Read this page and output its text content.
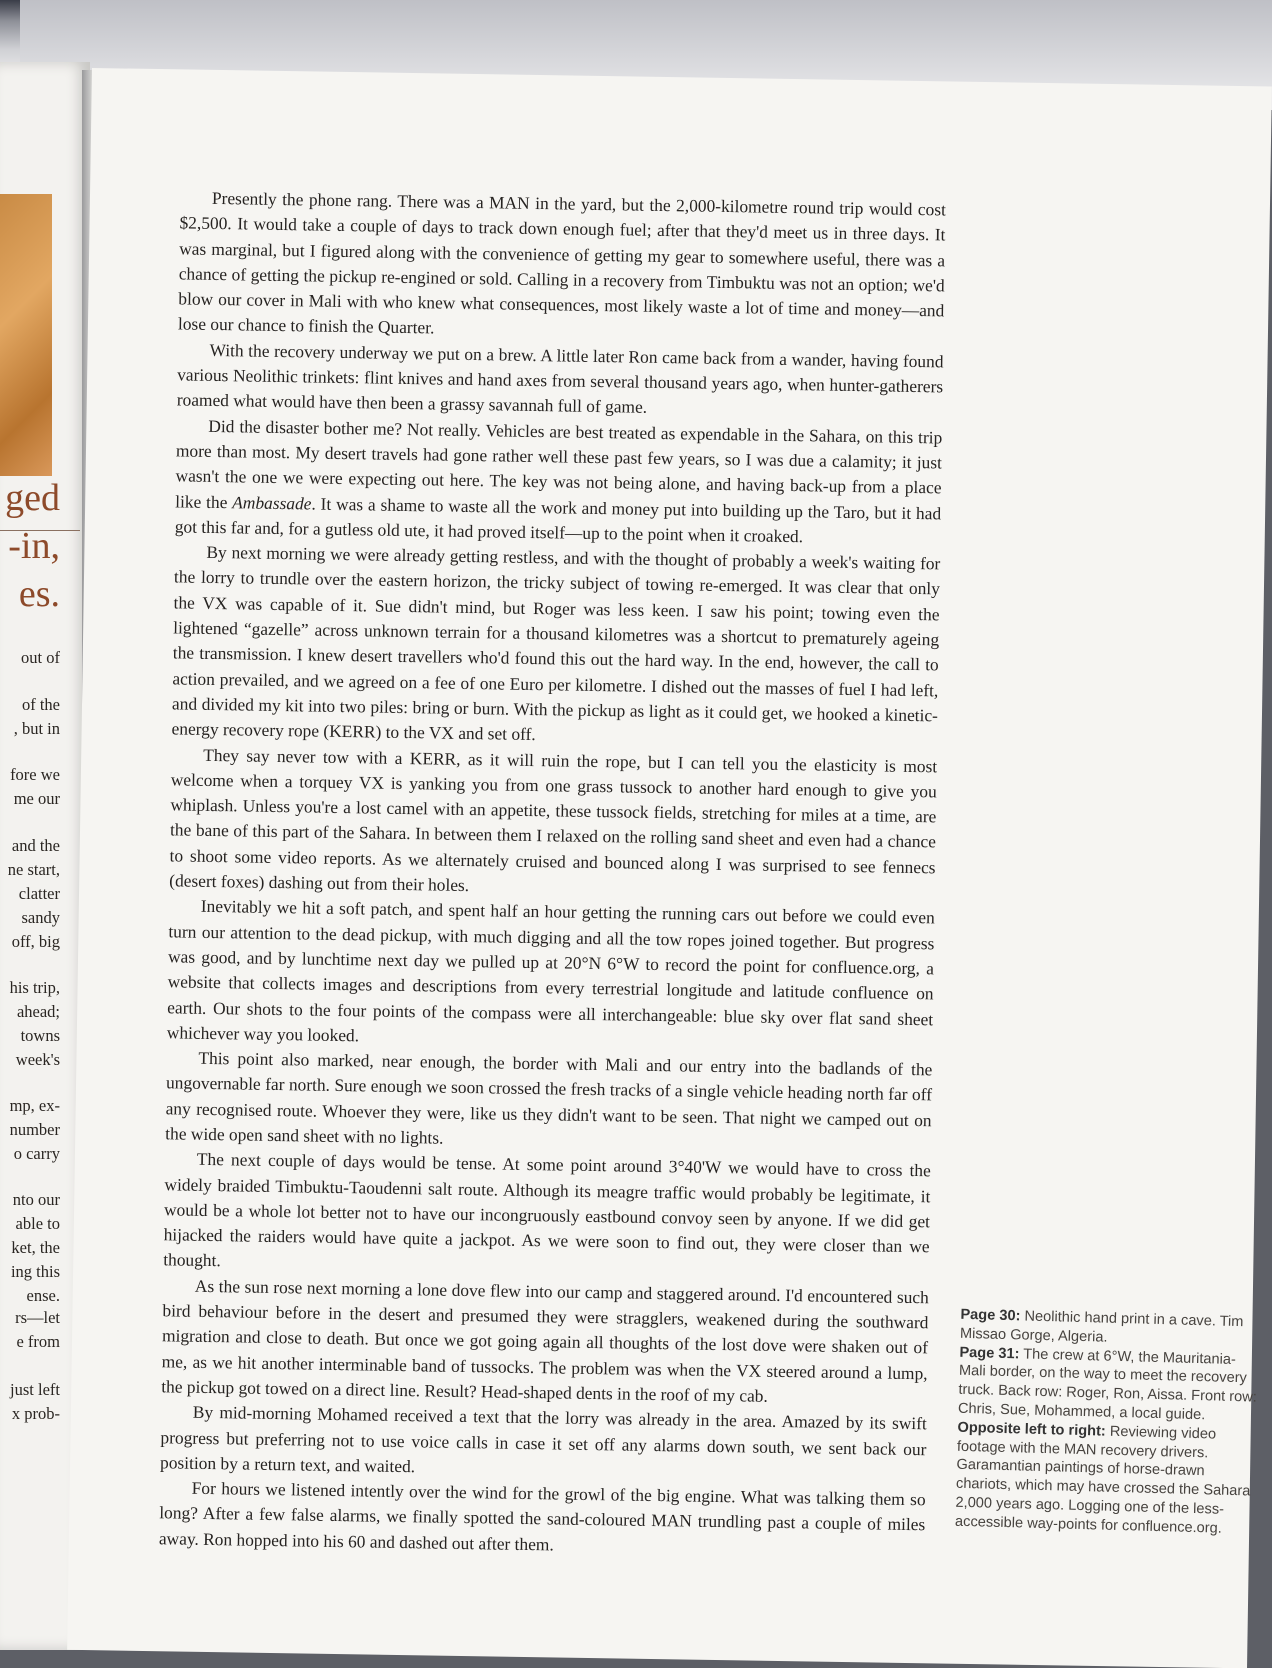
ged
-in,
es.
out of
of the
, but in
fore we
me our
and the
ne start,
clatter
sandy
off, big
his trip,
ahead;
towns
week's
mp, ex-
number
o carry
nto our
able to
ket, the
ing this
ense.
rs—let
e from
just left
x prob-

Presently the phone rang. There was a MAN in the yard, but the 2,000-kilometre round trip would cost $2,500. It would take a couple of days to track down enough fuel; after that they'd meet us in three days. It was marginal, but I figured along with the convenience of getting my gear to somewhere useful, there was a chance of getting the pickup re-engined or sold. Calling in a recovery from Timbuktu was not an option; we'd blow our cover in Mali with who knew what consequences, most likely waste a lot of time and money—and lose our chance to finish the Quarter.

With the recovery underway we put on a brew. A little later Ron came back from a wander, having found various Neolithic trinkets: flint knives and hand axes from several thousand years ago, when hunter-gatherers roamed what would have then been a grassy savannah full of game.

Did the disaster bother me? Not really. Vehicles are best treated as expendable in the Sahara, on this trip more than most. My desert travels had gone rather well these past few years, so I was due a calamity; it just wasn't the one we were expecting out here. The key was not being alone, and having back-up from a place like the Ambassade. It was a shame to waste all the work and money put into building up the Taro, but it had got this far and, for a gutless old ute, it had proved itself—up to the point when it croaked.

By next morning we were already getting restless, and with the thought of probably a week's waiting for the lorry to trundle over the eastern horizon, the tricky subject of towing re-emerged. It was clear that only the VX was capable of it. Sue didn't mind, but Roger was less keen. I saw his point; towing even the lightened “gazelle” across unknown terrain for a thousand kilometres was a shortcut to prematurely ageing the transmission. I knew desert travellers who'd found this out the hard way. In the end, however, the call to action prevailed, and we agreed on a fee of one Euro per kilometre. I dished out the masses of fuel I had left, and divided my kit into two piles: bring or burn. With the pickup as light as it could get, we hooked a kinetic-energy recovery rope (KERR) to the VX and set off.

They say never tow with a KERR, as it will ruin the rope, but I can tell you the elasticity is most welcome when a torquey VX is yanking you from one grass tussock to another hard enough to give you whiplash. Unless you're a lost camel with an appetite, these tussock fields, stretching for miles at a time, are the bane of this part of the Sahara. In between them I relaxed on the rolling sand sheet and even had a chance to shoot some video reports. As we alternately cruised and bounced along I was surprised to see fennecs (desert foxes) dashing out from their holes.

Inevitably we hit a soft patch, and spent half an hour getting the running cars out before we could even turn our attention to the dead pickup, with much digging and all the tow ropes joined together. But progress was good, and by lunchtime next day we pulled up at 20°N 6°W to record the point for confluence.org, a website that collects images and descriptions from every terrestrial longitude and latitude confluence on earth. Our shots to the four points of the compass were all interchangeable: blue sky over flat sand sheet whichever way you looked.

This point also marked, near enough, the border with Mali and our entry into the badlands of the ungovernable far north. Sure enough we soon crossed the fresh tracks of a single vehicle heading north far off any recognised route. Whoever they were, like us they didn't want to be seen. That night we camped out on the wide open sand sheet with no lights.

The next couple of days would be tense. At some point around 3°40'W we would have to cross the widely braided Timbuktu-Taoudenni salt route. Although its meagre traffic would probably be legitimate, it would be a whole lot better not to have our incongruously eastbound convoy seen by anyone. If we did get hijacked the raiders would have quite a jackpot. As we were soon to find out, they were closer than we thought.

As the sun rose next morning a lone dove flew into our camp and staggered around. I'd encountered such bird behaviour before in the desert and presumed they were stragglers, weakened during the southward migration and close to death. But once we got going again all thoughts of the lost dove were shaken out of me, as we hit another interminable band of tussocks. The problem was when the VX steered around a lump, the pickup got towed on a direct line. Result? Head-shaped dents in the roof of my cab.

By mid-morning Mohamed received a text that the lorry was already in the area. Amazed by its swift progress but preferring not to use voice calls in case it set off any alarms down south, we sent back our position by a return text, and waited.

For hours we listened intently over the wind for the growl of the big engine. What was talking them so long? After a few false alarms, we finally spotted the sand-coloured MAN trundling past a couple of miles away. Ron hopped into his 60 and dashed out after them.

Page 30: Neolithic hand print in a cave. Tim Missao Gorge, Algeria.

Page 31: The crew at 6°W, the Mauritania-Mali border, on the way to meet the recovery truck. Back row: Roger, Ron, Aissa. Front row: Chris, Sue, Mohammed, a local guide.

Opposite left to right: Reviewing video footage with the MAN recovery drivers. Garamantian paintings of horse-drawn chariots, which may have crossed the Sahara 2,000 years ago. Logging one of the less-accessible way-points for confluence.org.
